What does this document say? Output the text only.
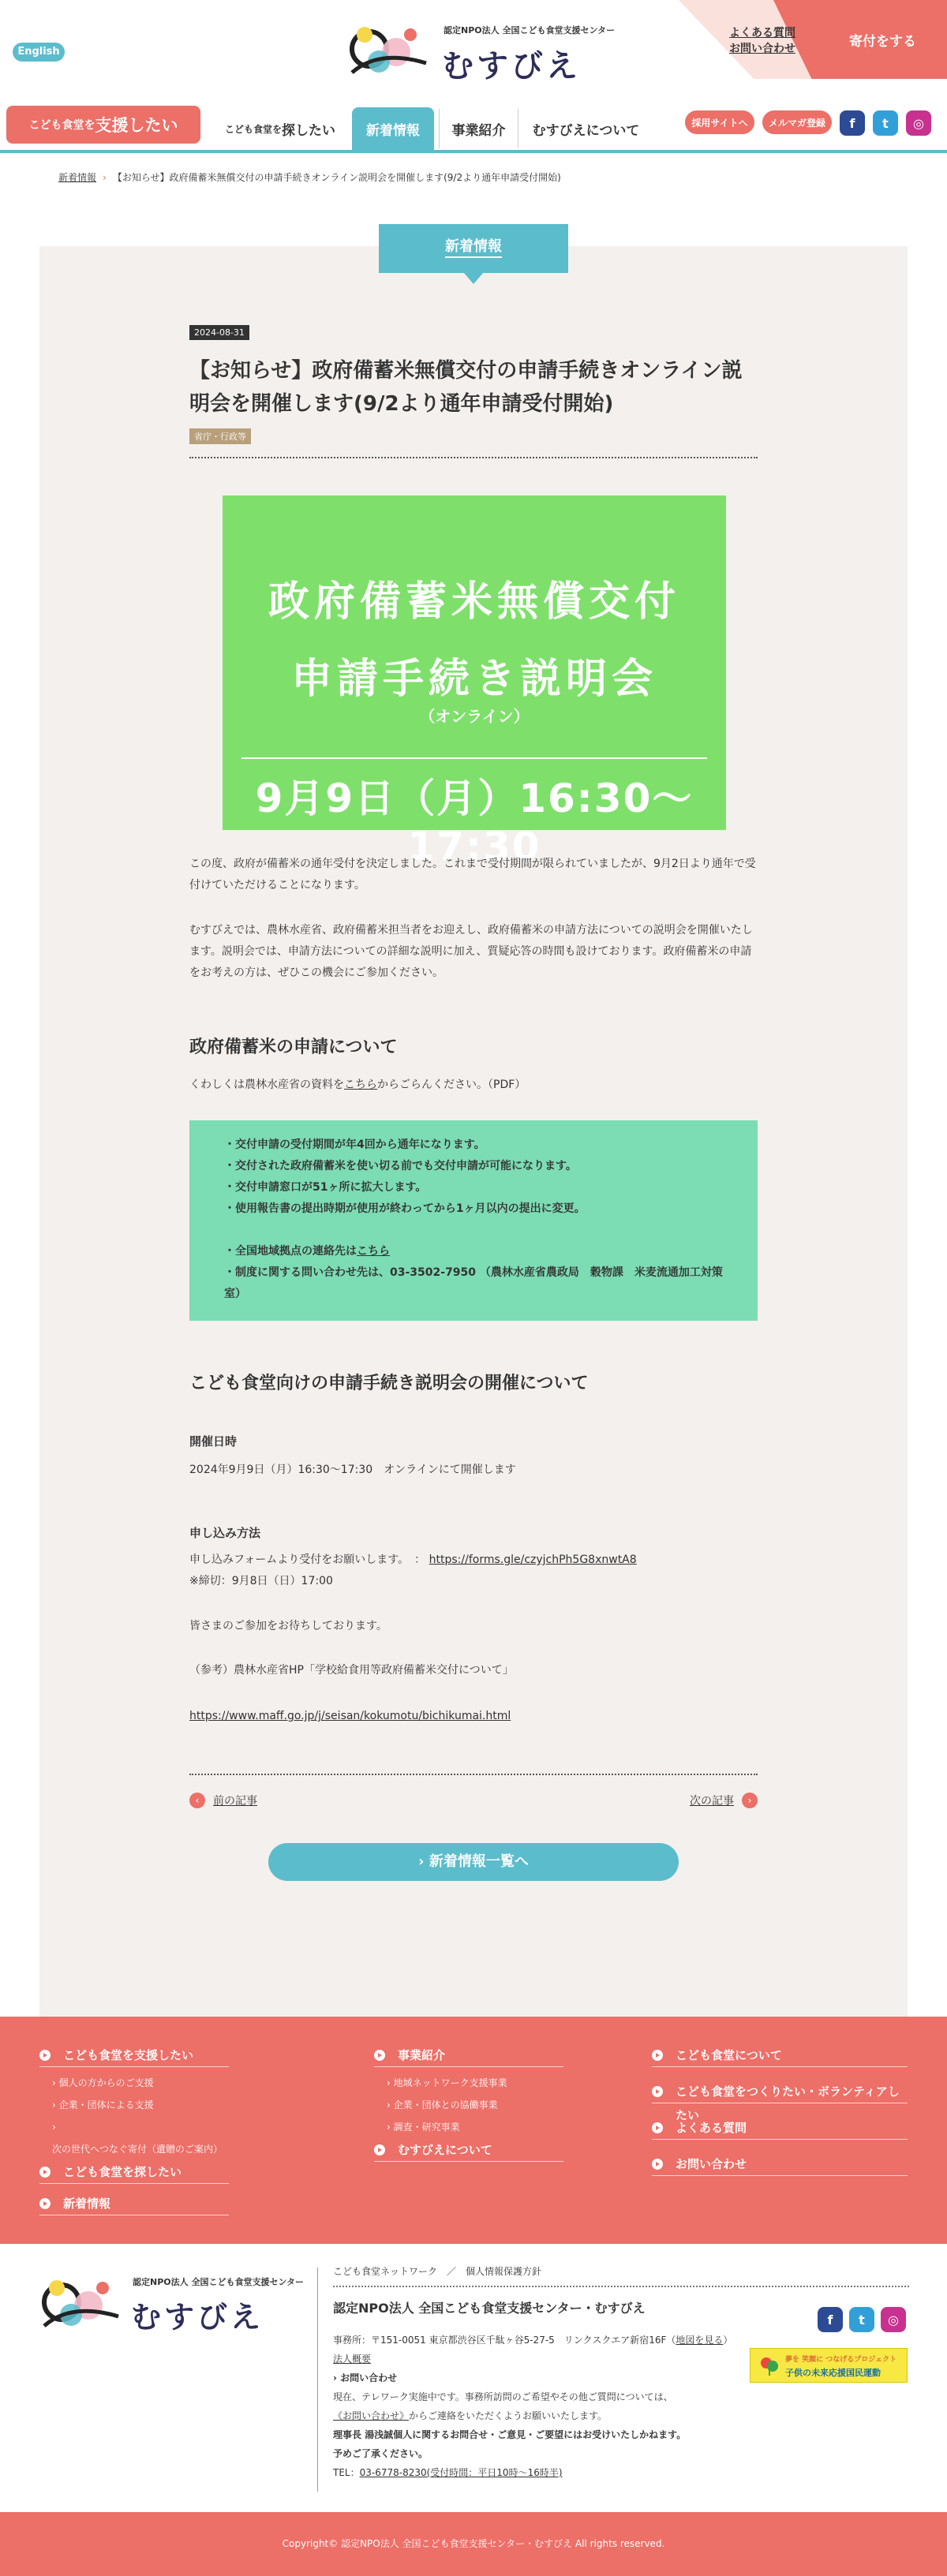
English
認定NPO法人 全国こども食堂支援センター
むすびえ
よくある質問
お問い合わせ	寄付をする
こども食堂を 支援したい	こども食堂を 探したい	新着情報	事業紹介	むすびえについて	採用サイトへ	メルマガ登録	f	t	◎
新着情報 › 【お知らせ】政府備蓄米無償交付の申請手続きオンライン説明会を開催します(9/2より通年申請受付開始)
新着情報
2024-08-31
【お知らせ】政府備蓄米無償交付の申請手続きオンライン説明会を開催します(9/2より通年申請受付開始)
省庁・行政等
政府備蓄米無償交付
申請手続き説明会
（オンライン）
9月9日（月）16:30〜17:30
この度、政府が備蓄米の通年受付を決定しました。これまで受付期間が限られていましたが、9月2日より通年で受付けていただけることになります。
むすびえでは、農林水産省、政府備蓄米担当者をお迎えし、政府備蓄米の申請方法についての説明会を開催いたします。説明会では、申請方法についての詳細な説明に加え、質疑応答の時間も設けております。政府備蓄米の申請をお考えの方は、ぜひこの機会にご参加ください。
政府備蓄米の申請について
くわしくは農林水産省の資料をこちらからごらんください。（PDF）
・交付申請の受付期間が年4回から通年になります。
・交付された政府備蓄米を使い切る前でも交付申請が可能になります。
・交付申請窓口が51ヶ所に拡大します。
・使用報告書の提出時期が使用が終わってから1ヶ月以内の提出に変更。
・全国地域拠点の連絡先はこちら
・制度に関する問い合わせ先は、03-3502-7950 （農林水産省農政局　穀物課　米麦流通加工対策室）
こども食堂向けの申請手続き説明会の開催について
開催日時
2024年9月9日（月）16:30〜17:30　オンラインにて開催します
申し込み方法
申し込みフォームより受付をお願いします。　： https://forms.gle/czyjchPh5G8xnwtA8
※締切：9月8日（日）17:00
皆さまのご参加をお待ちしております。
（参考）農林水産省HP「学校給食用等政府備蓄米交付について」
https://www.maff.go.jp/j/seisan/kokumotu/bichikumai.html
‹	前の記事	次の記事	›
› 新着情報一覧へ
こども食堂を支援したい
› 個人の方からのご支援
› 企業・団体による支援
› 次の世代へつなぐ寄付（遺贈のご案内）
こども食堂を探したい
新着情報
事業紹介
› 地域ネットワーク支援事業
› 企業・団体との協働事業
› 調査・研究事業
むすびえについて
こども食堂について
こども食堂をつくりたい・ボランティアしたい
よくある質問
お問い合わせ
認定NPO法人 全国こども食堂支援センター
むすびえ
こども食堂ネットワーク　／　個人情報保護方針
認定NPO法人 全国こども食堂支援センター・むすびえ
事務所：〒151-0051 東京都渋谷区千駄ヶ谷5-27-5　リンクスクエア新宿16F（地図を見る）
法人概要
› お問い合わせ
現在、テレワーク実施中です。事務所訪問のご希望やその他ご質問については、
《お問い合わせ》からご連絡をいただくようお願いいたします。
理事長 湯浅誠個人に関するお問合せ・ご意見・ご要望にはお受けいたしかねます。
予めご了承ください。
TEL：03-6778-8230(受付時間：平日10時〜16時半)
f	t	◎
夢を 笑顔に つなげるプロジェクト
子供の未来応援国民運動
Copyright© 認定NPO法人 全国こども食堂支援センター・むすびえ All rights reserved.
